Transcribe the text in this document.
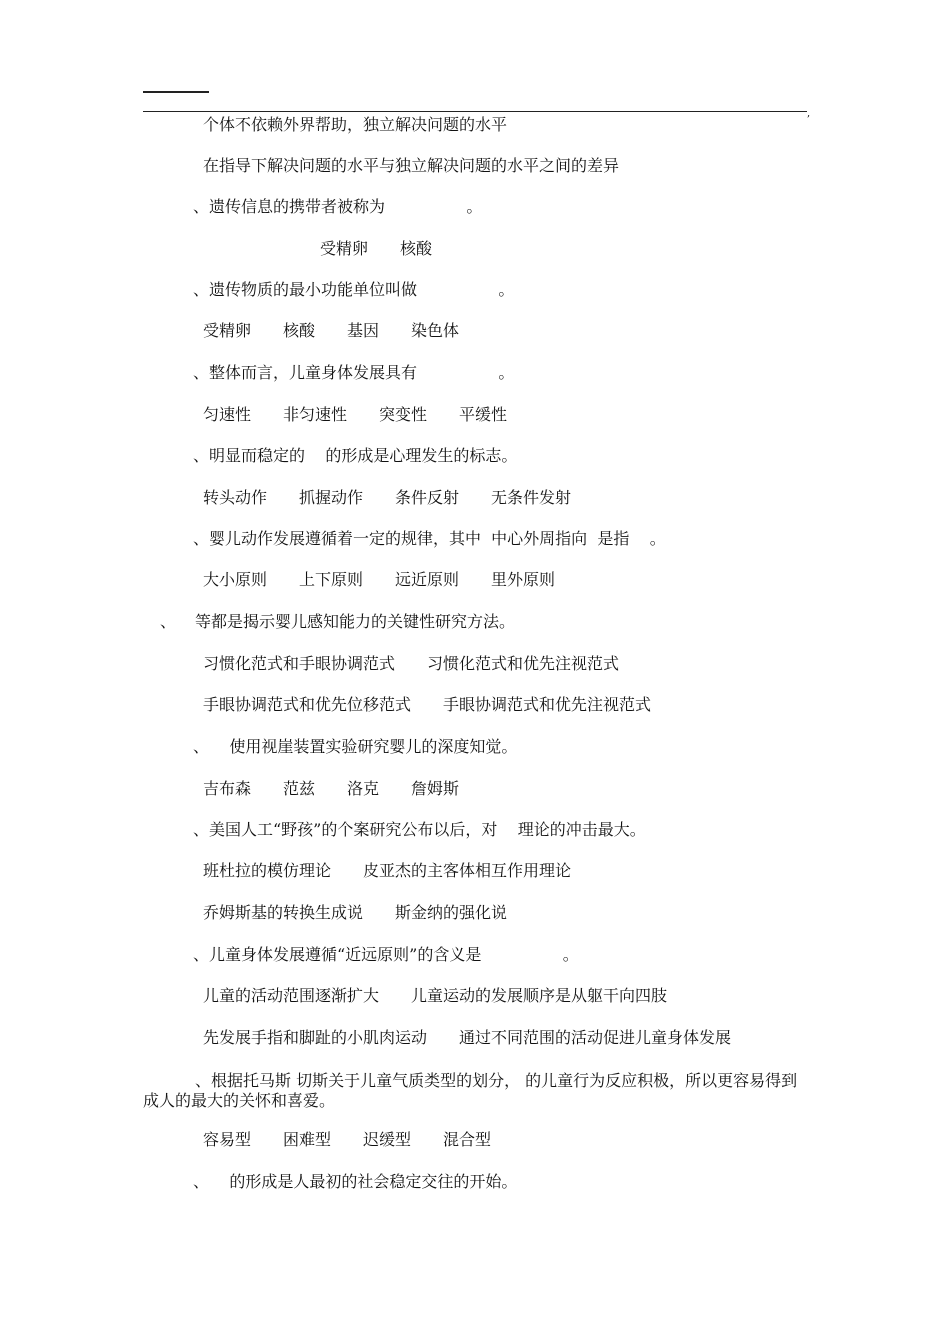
,
个体不依赖外界帮助，独立解决问题的水平
在指导下解决问题的水平与独立解决问题的水平之间的差异
、遗传信息的携带者被称为                。
受精卵 核酸
、遗传物质的最小功能单位叫做                。
受精卵 核酸 基因 染色体
、整体而言，儿童身体发展具有                。
匀速性 非匀速性 突变性 平缓性
、明显而稳定的    的形成是心理发生的标志。
转头动作 抓握动作 条件反射 无条件发射
、婴儿动作发展遵循着一定的规律，其中  中心外周指向  是指    。
大小原则 上下原则 远近原则 里外原则
、 等都是揭示婴儿感知能力的关键性研究方法。
习惯化范式和手眼协调范式 习惯化范式和优先注视范式
手眼协调范式和优先位移范式 手眼协调范式和优先注视范式
、    使用视崖装置实验研究婴儿的深度知觉。
吉布森 范兹 洛克 詹姆斯
、美国人工“野孩”的个案研究公布以后，对    理论的冲击最大。
班杜拉的模仿理论 皮亚杰的主客体相互作用理论
乔姆斯基的转换生成说 斯金纳的强化说
、儿童身体发展遵循“近远原则”的含义是                。
儿童的活动范围逐渐扩大 儿童运动的发展顺序是从躯干向四肢
先发展手指和脚趾的小肌肉运动 通过不同范围的活动促进儿童身体发展
、根据托马斯 切斯关于儿童气质类型的划分， 的儿童行为反应积极，所以更容易得到成人的最大的关怀和喜爱。
容易型 困难型 迟缓型 混合型
、    的形成是人最初的社会稳定交往的开始。
